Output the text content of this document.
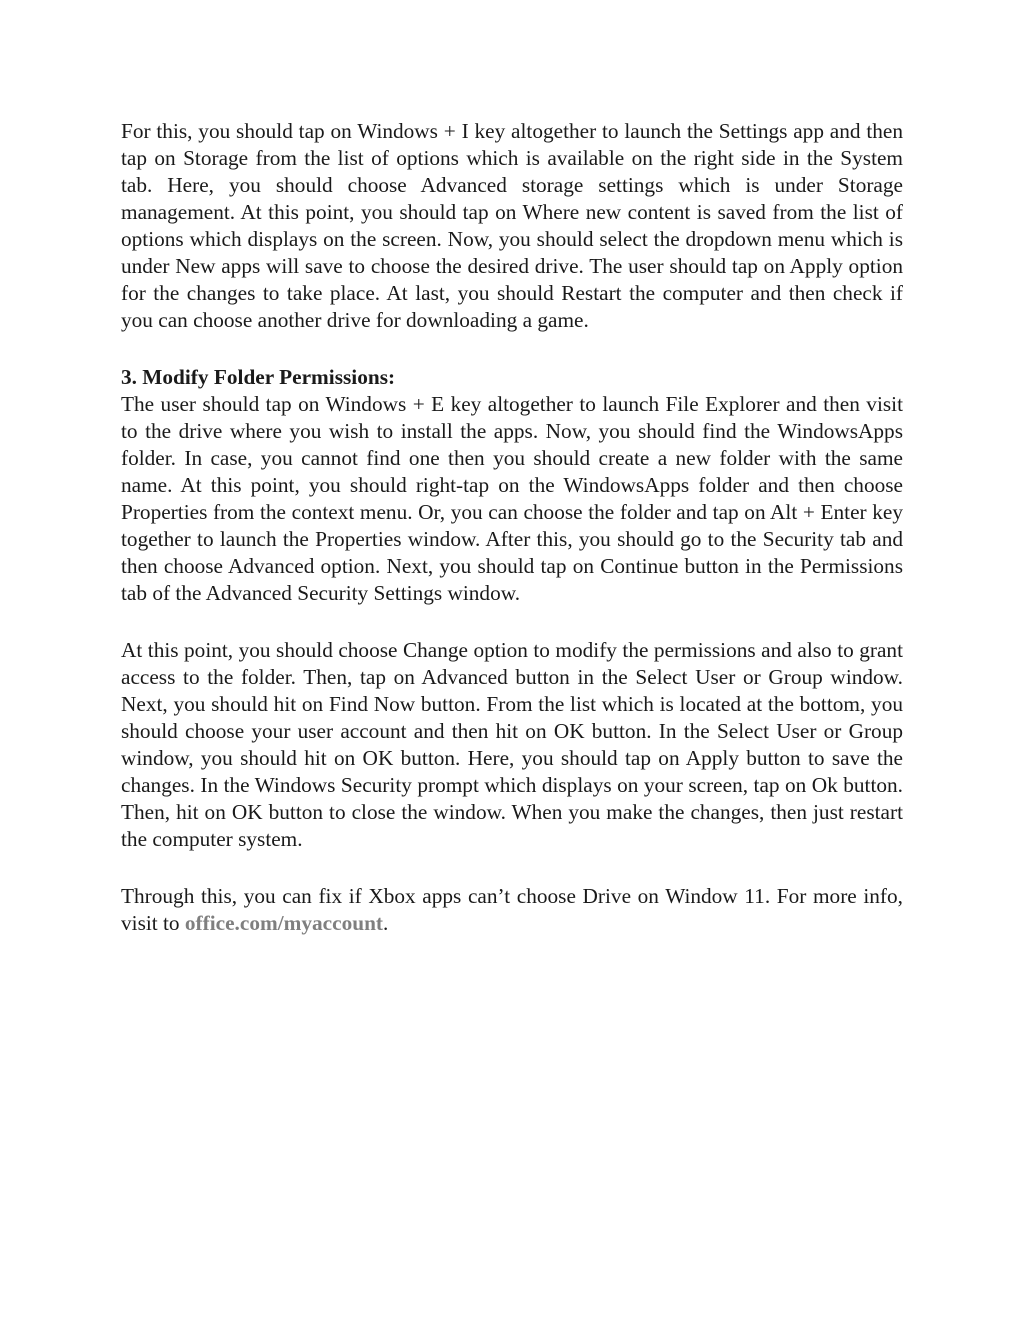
For this, you should tap on Windows + I key altogether to launch the Settings app and then tap on Storage from the list of options which is available on the right side in the System tab. Here, you should choose Advanced storage settings which is under Storage management. At this point, you should tap on Where new content is saved from the list of options which displays on the screen. Now, you should select the dropdown menu which is under New apps will save to choose the desired drive. The user should tap on Apply option for the changes to take place. At last, you should Restart the computer and then check if you can choose another drive for downloading a game.

3. Modify Folder Permissions:

The user should tap on Windows + E key altogether to launch File Explorer and then visit to the drive where you wish to install the apps. Now, you should find the WindowsApps folder. In case, you cannot find one then you should create a new folder with the same name. At this point, you should right-tap on the WindowsApps folder and then choose Properties from the context menu. Or, you can choose the folder and tap on Alt + Enter key together to launch the Properties window. After this, you should go to the Security tab and then choose Advanced option. Next, you should tap on Continue button in the Permissions tab of the Advanced Security Settings window.

At this point, you should choose Change option to modify the permissions and also to grant access to the folder. Then, tap on Advanced button in the Select User or Group window. Next, you should hit on Find Now button. From the list which is located at the bottom, you should choose your user account and then hit on OK button. In the Select User or Group window, you should hit on OK button. Here, you should tap on Apply button to save the changes. In the Windows Security prompt which displays on your screen, tap on Ok button. Then, hit on OK button to close the window. When you make the changes, then just restart the computer system.

Through this, you can fix if Xbox apps can’t choose Drive on Window 11. For more info, visit to office.com/myaccount.
